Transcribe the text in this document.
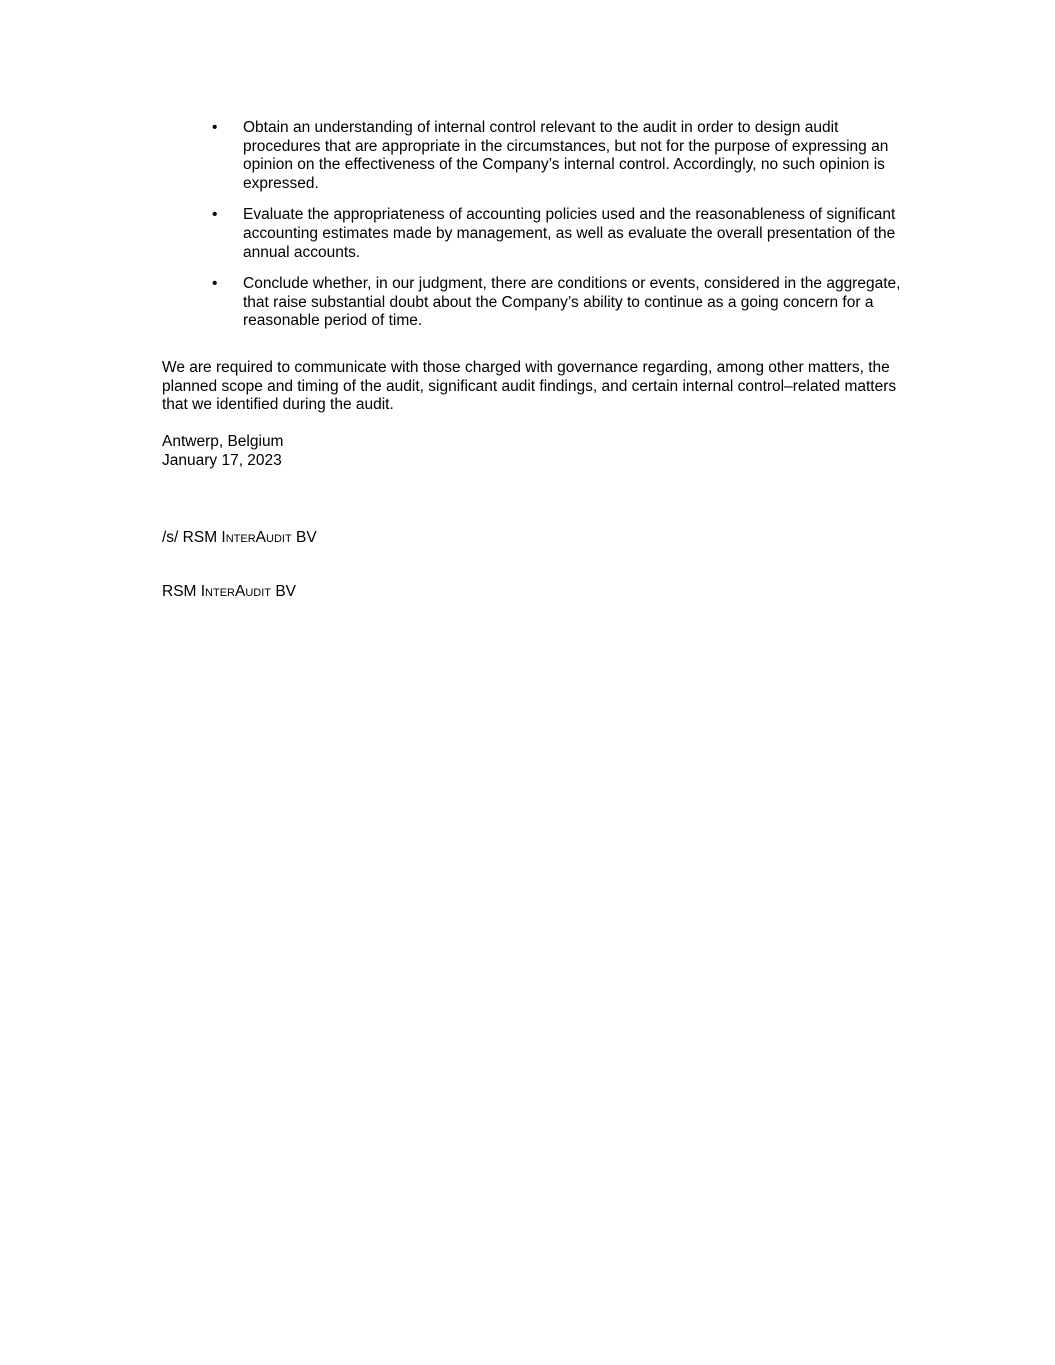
• Obtain an understanding of internal control relevant to the audit in order to design audit procedures that are appropriate in the circumstances, but not for the purpose of expressing an opinion on the effectiveness of the Company’s internal control. Accordingly, no such opinion is expressed.
• Evaluate the appropriateness of accounting policies used and the reasonableness of significant accounting estimates made by management, as well as evaluate the overall presentation of the annual accounts.
• Conclude whether, in our judgment, there are conditions or events, considered in the aggregate, that raise substantial doubt about the Company’s ability to continue as a going concern for a reasonable period of time.

We are required to communicate with those charged with governance regarding, among other matters, the planned scope and timing of the audit, significant audit findings, and certain internal control–related matters that we identified during the audit.

Antwerp, Belgium
January 17, 2023
/s/ RSM InterAudit BV
RSM InterAudit BV
